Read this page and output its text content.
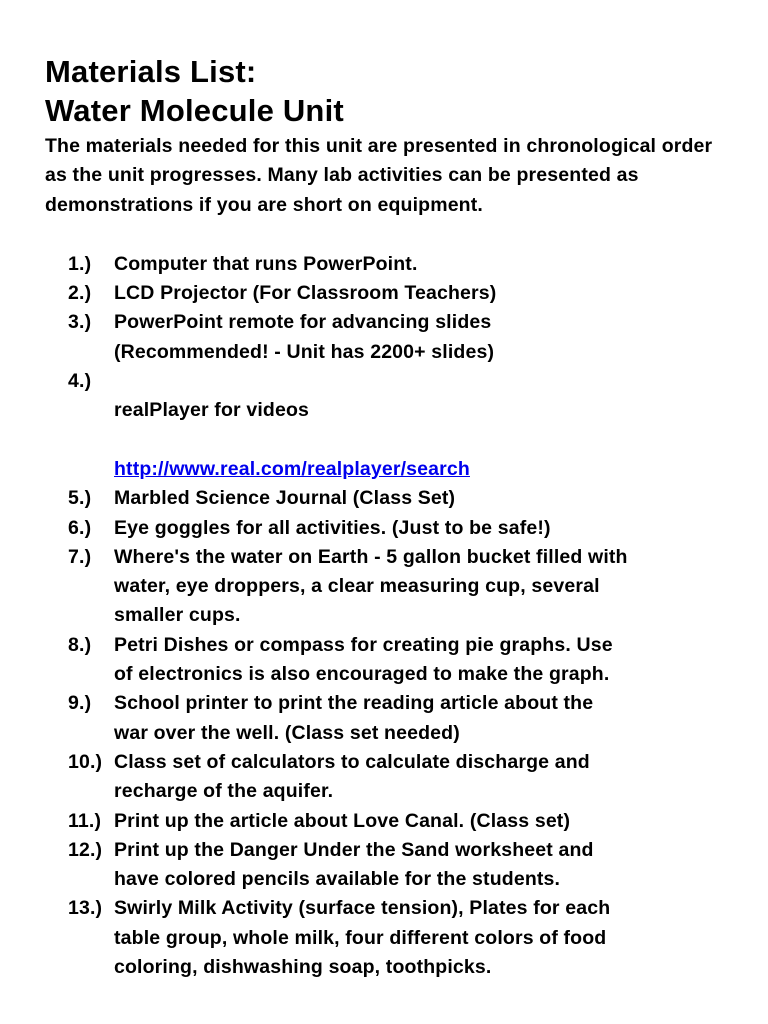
Materials List:
Water Molecule Unit

The materials needed for this unit are presented in chronological order as the unit progresses. Many lab activities can be presented as demonstrations if you are short on equipment.

1.)	Computer that runs PowerPoint.
2.)	LCD Projector (For Classroom Teachers)
3.)	PowerPoint remote for advancing slides
(Recommended! - Unit has 2200+ slides)
4.)

realPlayer for videos

http://www.real.com/realplayer/search

5.)	Marbled Science Journal (Class Set)
6.)	Eye goggles for all activities. (Just to be safe!)
7.)	Where's the water on Earth - 5 gallon bucket filled with
water, eye droppers, a clear measuring cup, several
smaller cups.
8.)	Petri Dishes or compass for creating pie graphs. Use
of electronics is also encouraged to make the graph.
9.)	School printer to print the reading article about the
war over the well. (Class set needed)
10.) Class set of calculators to calculate discharge and
recharge of the aquifer.
11.) Print up the article about Love Canal. (Class set)
12.) Print up the Danger Under the Sand worksheet and
have colored pencils available for the students.
13.) Swirly Milk Activity (surface tension), Plates for each
table group, whole milk, four different colors of food
coloring, dishwashing soap, toothpicks.
